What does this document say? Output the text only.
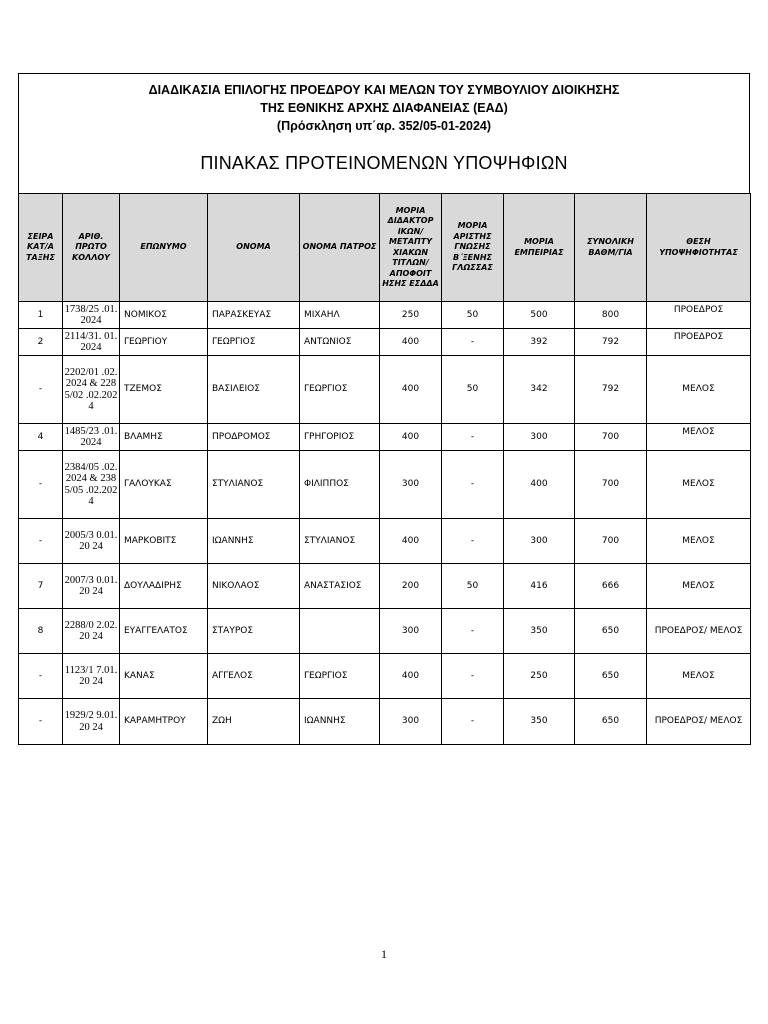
ΔΙΑΔΙΚΑΣΙΑ ΕΠΙΛΟΓΗΣ ΠΡΟΕΔΡΟΥ ΚΑΙ ΜΕΛΩΝ ΤΟΥ ΣΥΜΒΟΥΛΙΟΥ ΔΙΟΙΚΗΣΗΣ
ΤΗΣ ΕΘΝΙΚΗΣ ΑΡΧΗΣ ΔΙΑΦΑΝΕΙΑΣ (ΕΑΔ)
(Πρόσκληση υπ΄αρ. 352/05-01-2024)
ΠΙΝΑΚΑΣ ΠΡΟΤΕΙΝΟΜΕΝΩΝ ΥΠΟΨΗΦΙΩΝ
ΣΕΙΡΑ ΚΑΤ/Α ΤΑΞΗΣ	ΑΡΙΘ. ΠΡΩΤΟ ΚΟΛΛΟΥ	ΕΠΩΝΥΜΟ	ΟΝΟΜΑ	ΟΝΟΜΑ ΠΑΤΡΟΣ	ΜΟΡΙΑ ΔΙΔΑΚΤΟΡ ΙΚΩΝ/ ΜΕΤΑΠΤΥ ΧΙΑΚΩΝ ΤΙΤΛΩΝ/ ΑΠΟΦΟΙΤ ΗΣΗΣ ΕΣΔΔΑ	ΜΟΡΙΑ ΑΡΙΣΤΗΣ ΓΝΩΣΗΣ Β΄ΞΕΝΗΣ ΓΛΩΣΣΑΣ	ΜΟΡΙΑ ΕΜΠΕΙΡΙΑΣ	ΣΥΝΟΛΙΚΗ ΒΑΘΜ/ΓΙΑ	ΘΕΣΗ ΥΠΟΨΗΦΙΟΤΗΤΑΣ
1	1738/25 .01.2024	ΝΟΜΙΚΟΣ	ΠΑΡΑΣΚΕΥΑΣ	ΜΙΧΑΗΛ	250	50	500	800	ΠΡΟΕΔΡΟΣ
2	2114/31. 01.2024	ΓΕΩΡΓΙΟΥ	ΓΕΩΡΓΙΟΣ	ΑΝΤΩΝΙΟΣ	400	-	392	792	ΠΡΟΕΔΡΟΣ
-	2202/01 .02.2024 & 2285/02 .02.2024	ΤΖΕΜΟΣ	ΒΑΣΙΛΕΙΟΣ	ΓΕΩΡΓΙΟΣ	400	50	342	792	ΜΕΛΟΣ
4	1485/23 .01.2024	ΒΛΑΜΗΣ	ΠΡΟΔΡΟΜΟΣ	ΓΡΗΓΟΡΙΟΣ	400	-	300	700	ΜΕΛΟΣ
-	2384/05 .02.2024 & 2385/05 .02.2024	ΓΑΛΟΥΚΑΣ	ΣΤΥΛΙΑΝΟΣ	ΦΙΛΙΠΠΟΣ	300	-	400	700	ΜΕΛΟΣ
-	2005/3 0.01.20 24	ΜΑΡΚΟΒΙΤΣ	ΙΩΑΝΝΗΣ	ΣΤΥΛΙΑΝΟΣ	400	-	300	700	ΜΕΛΟΣ
7	2007/3 0.01.20 24	ΔΟΥΛΑΔΙΡΗΣ	ΝΙΚΟΛΑΟΣ	ΑΝΑΣΤΑΣΙΟΣ	200	50	416	666	ΜΕΛΟΣ
8	2288/0 2.02.20 24	ΕΥΑΓΓΕΛΑΤΟΣ	ΣΤΑΥΡΟΣ		300	-	350	650	ΠΡΟΕΔΡΟΣ/ ΜΕΛΟΣ
-	1123/1 7.01.20 24	ΚΑΝΑΣ	ΑΓΓΕΛΟΣ	ΓΕΩΡΓΙΟΣ	400	-	250	650	ΜΕΛΟΣ
-	1929/2 9.01.20 24	ΚΑΡΑΜΗΤΡΟΥ	ΖΩΗ	ΙΩΑΝΝΗΣ	300	-	350	650	ΠΡΟΕΔΡΟΣ/ ΜΕΛΟΣ
1
